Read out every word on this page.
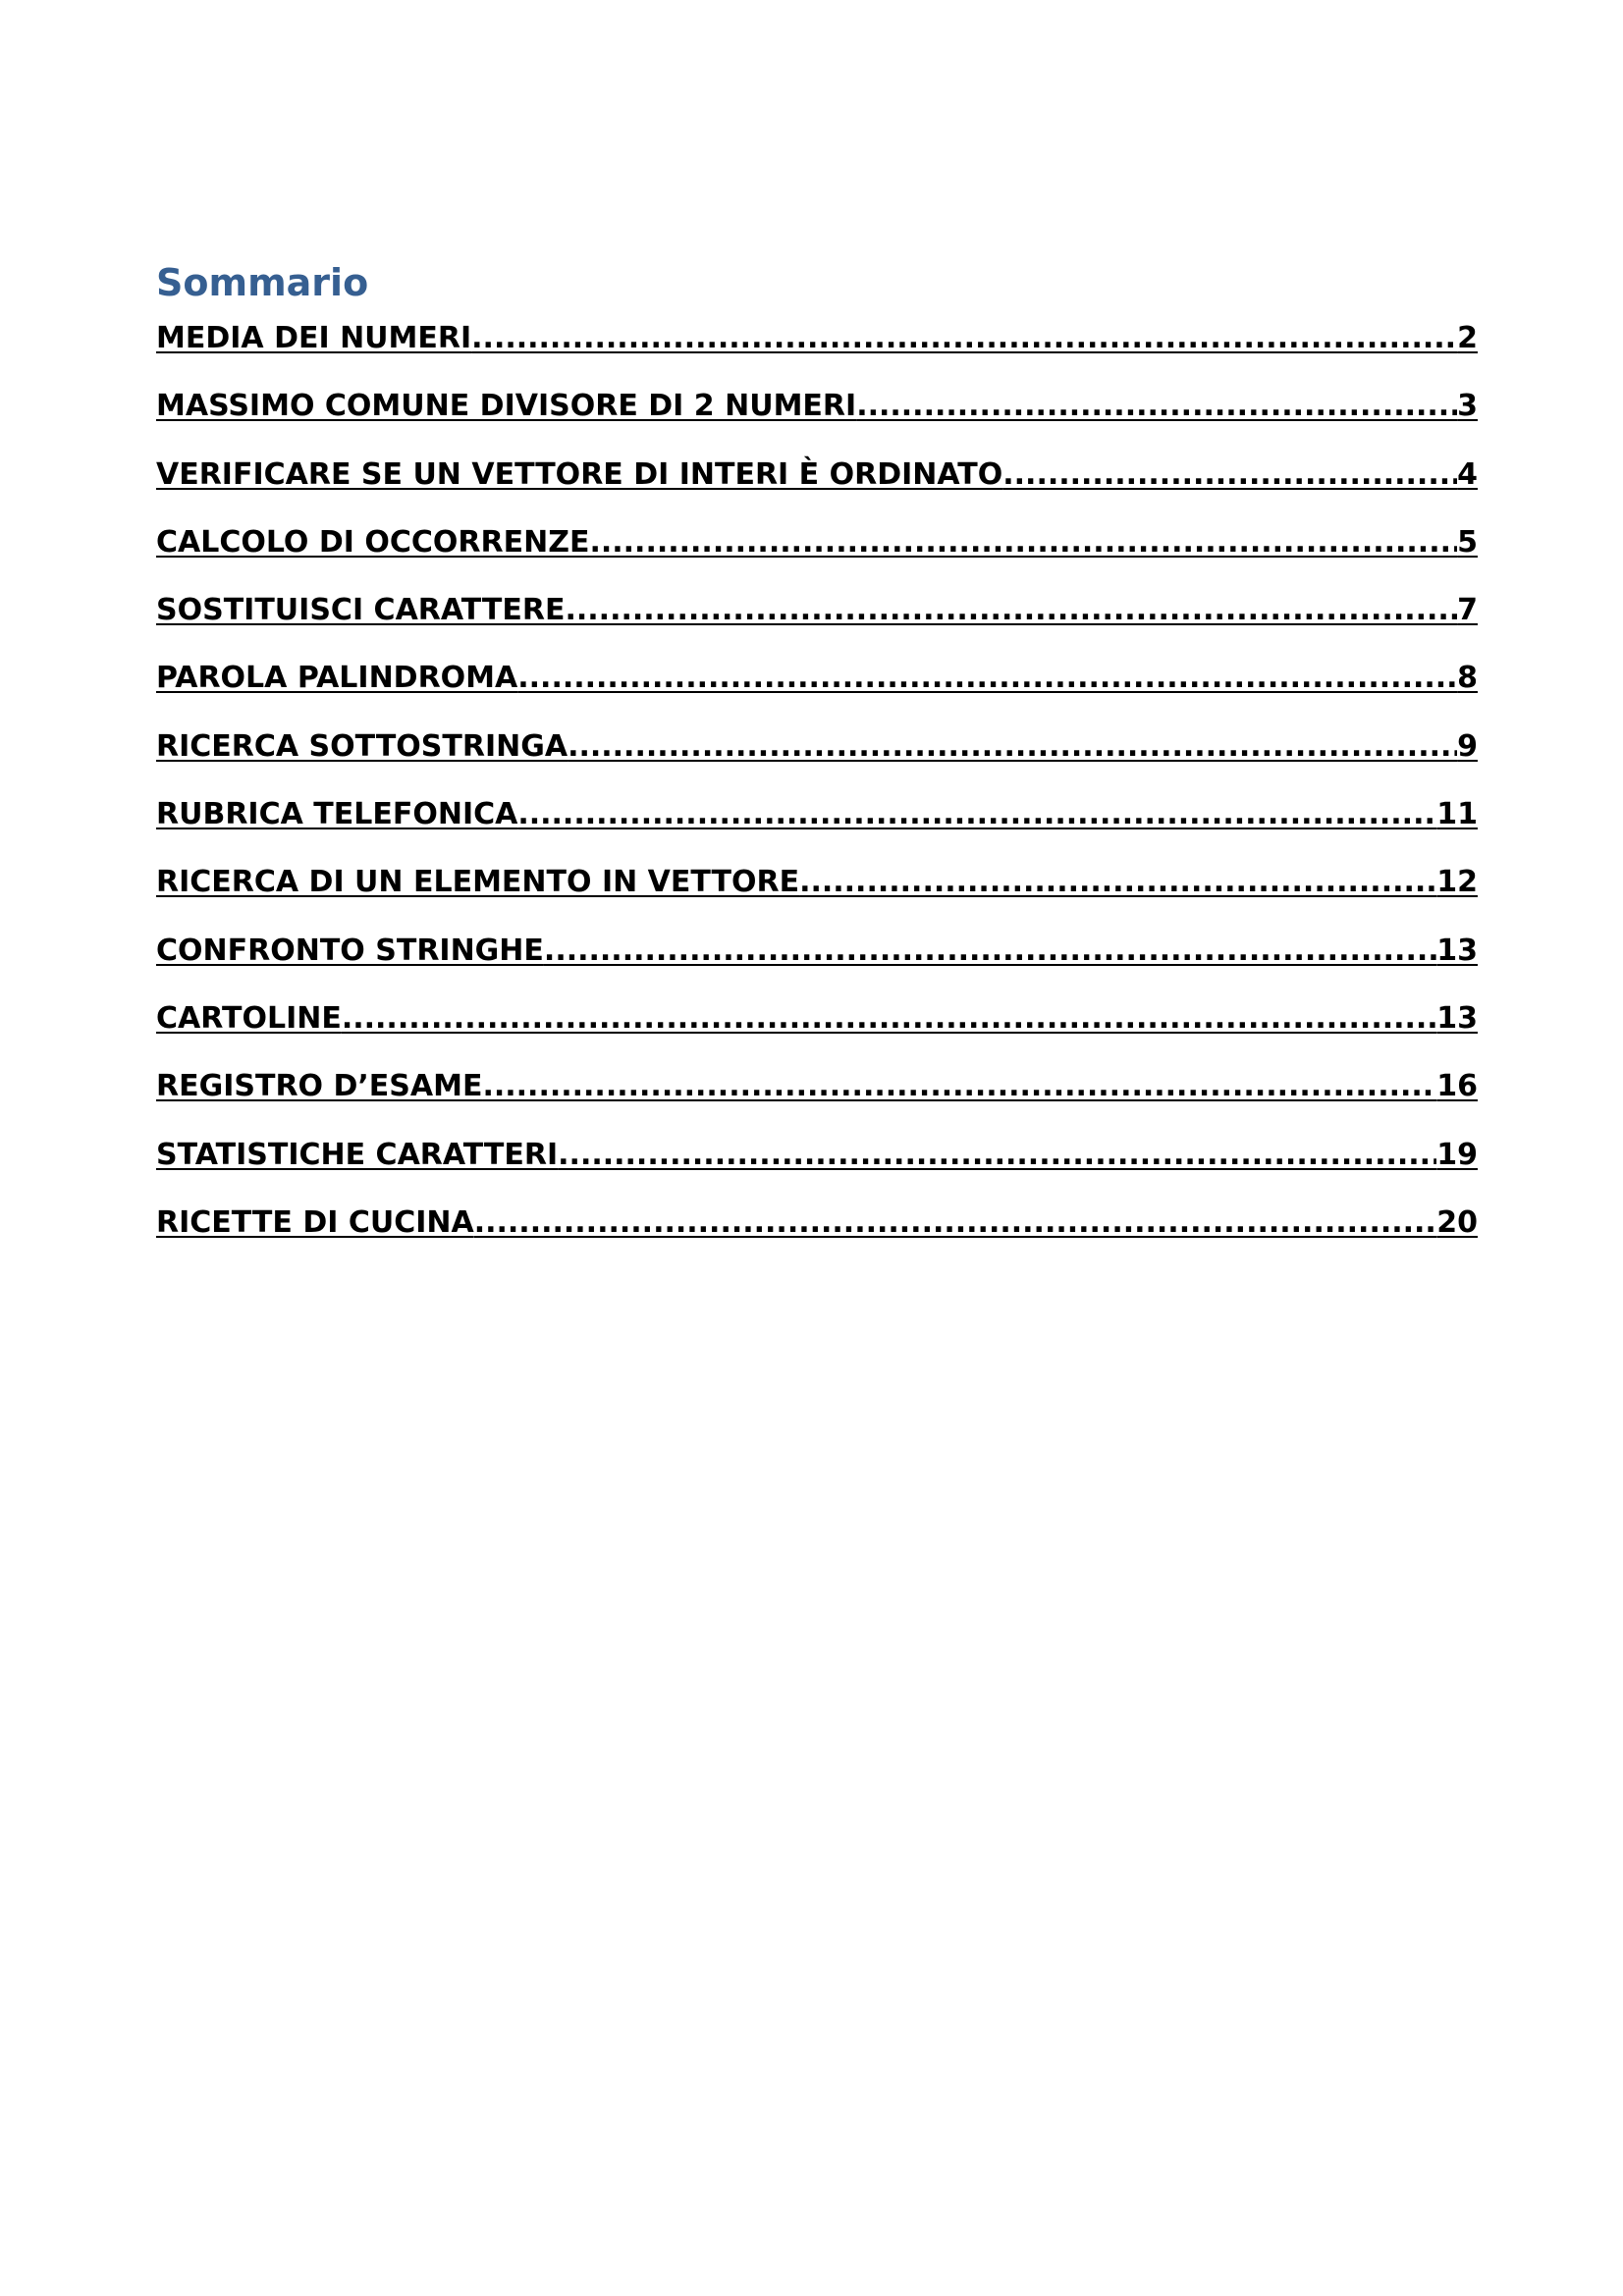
Sommario
MEDIA DEI NUMERI .....	2
MASSIMO COMUNE DIVISORE DI 2 NUMERI .....	3
VERIFICARE SE UN VETTORE DI INTERI È ORDINATO .....	4
CALCOLO DI OCCORRENZE .....	5
SOSTITUISCI CARATTERE .....	7
PAROLA PALINDROMA .....	8
RICERCA SOTTOSTRINGA .....	9
RUBRICA TELEFONICA .....	11
RICERCA DI UN ELEMENTO IN VETTORE .....	12
CONFRONTO STRINGHE .....	13
CARTOLINE .....	13
REGISTRO D’ESAME .....	16
STATISTICHE CARATTERI .....	19
RICETTE DI CUCINA .....	20
